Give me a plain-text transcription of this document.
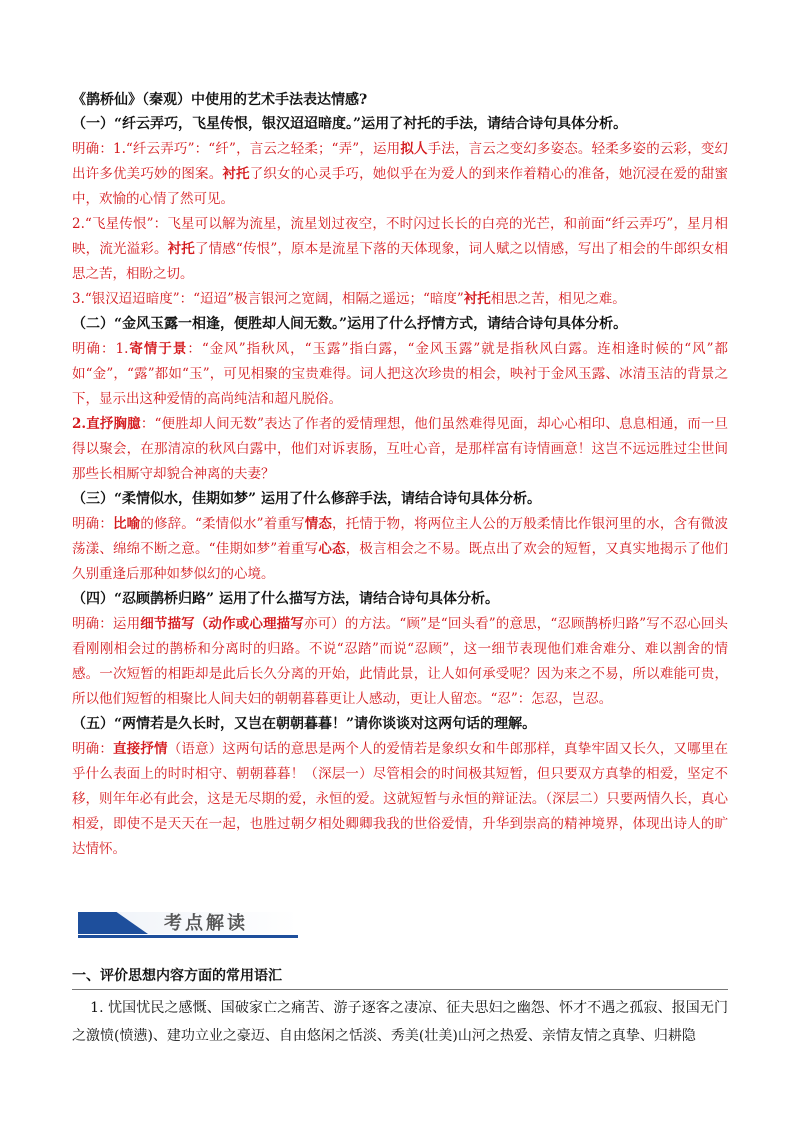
《鹊桥仙》（秦观）中使用的艺术手法表达情感?

（一）“纤云弄巧，飞星传恨，银汉迢迢暗度。”运用了衬托的手法，请结合诗句具体分析。

明确：1.“纤云弄巧”：“纤”，言云之轻柔；“弄”，运用拟人手法，言云之变幻多姿态。轻柔多姿的云彩，变幻出许多优美巧妙的图案。衬托了织女的心灵手巧，她似乎在为爱人的到来作着精心的准备，她沉浸在爱的甜蜜中，欢愉的心情了然可见。

2.“飞星传恨”：飞星可以解为流星，流星划过夜空，不时闪过长长的白亮的光芒，和前面“纤云弄巧”，星月相映，流光溢彩。衬托了情感“传恨”，原本是流星下落的天体现象，词人赋之以情感，写出了相会的牛郎织女相思之苦，相盼之切。

3.“银汉迢迢暗度”：“迢迢”极言银河之宽阔，相隔之遥远；“暗度”衬托相思之苦，相见之难。

（二）“金风玉露一相逢，便胜却人间无数。”运用了什么抒情方式，请结合诗句具体分析。

明确：1.寄情于景：“金风”指秋风，“玉露”指白露，“金风玉露”就是指秋风白露。连相逢时候的“风”都如“金”，“露”都如“玉”，可见相聚的宝贵难得。词人把这次珍贵的相会，映衬于金风玉露、冰清玉洁的背景之下，显示出这种爱情的高尚纯洁和超凡脱俗。

2.直抒胸臆：“便胜却人间无数”表达了作者的爱情理想，他们虽然难得见面，却心心相印、息息相通，而一旦得以聚会，在那清凉的秋风白露中，他们对诉衷肠，互吐心音，是那样富有诗情画意！这岂不远远胜过尘世间那些长相厮守却貌合神离的夫妻？

（三）“柔情似水，佳期如梦” 运用了什么修辞手法，请结合诗句具体分析。

明确：比喻的修辞。“柔情似水”着重写情态，托情于物，将两位主人公的万般柔情比作银河里的水，含有微波荡漾、绵绵不断之意。“佳期如梦”着重写心态，极言相会之不易。既点出了欢会的短暂，又真实地揭示了他们久别重逢后那种如梦似幻的心境。

（四）“忍顾鹊桥归路” 运用了什么描写方法，请结合诗句具体分析。

明确：运用细节描写（动作或心理描写亦可）的方法。“顾”是“回头看”的意思，“忍顾鹊桥归路”写不忍心回头看刚刚相会过的鹊桥和分离时的归路。不说“忍踏”而说“忍顾”，这一细节表现他们难舍难分、难以割舍的情感。一次短暂的相距却是此后长久分离的开始，此情此景，让人如何承受呢？因为来之不易，所以难能可贵，所以他们短暂的相聚比人间夫妇的朝朝暮暮更让人感动，更让人留恋。“忍”：怎忍，岂忍。

（五）“两情若是久长时，又岂在朝朝暮暮！”请你谈谈对这两句话的理解。

明确：直接抒情（语意）这两句话的意思是两个人的爱情若是象织女和牛郎那样，真挚牢固又长久，又哪里在乎什么表面上的时时相守、朝朝暮暮！（深层一）尽管相会的时间极其短暂，但只要双方真挚的相爱，坚定不移，则年年必有此会，这是无尽期的爱，永恒的爱。这就短暂与永恒的辩证法。（深层二）只要两情久长，真心相爱，即使不是天天在一起，也胜过朝夕相处卿卿我我的世俗爱情，升华到崇高的精神境界，体现出诗人的旷达情怀。

考点解读
一、评价思想内容方面的常用语汇

1. 忧国忧民之感慨、国破家亡之痛苦、游子逐客之凄凉、征夫思妇之幽怨、怀才不遇之孤寂、报国无门之激愤(愤懑)、建功立业之豪迈、自由悠闲之恬淡、秀美(壮美)山河之热爱、亲情友情之真挚、归耕隐
